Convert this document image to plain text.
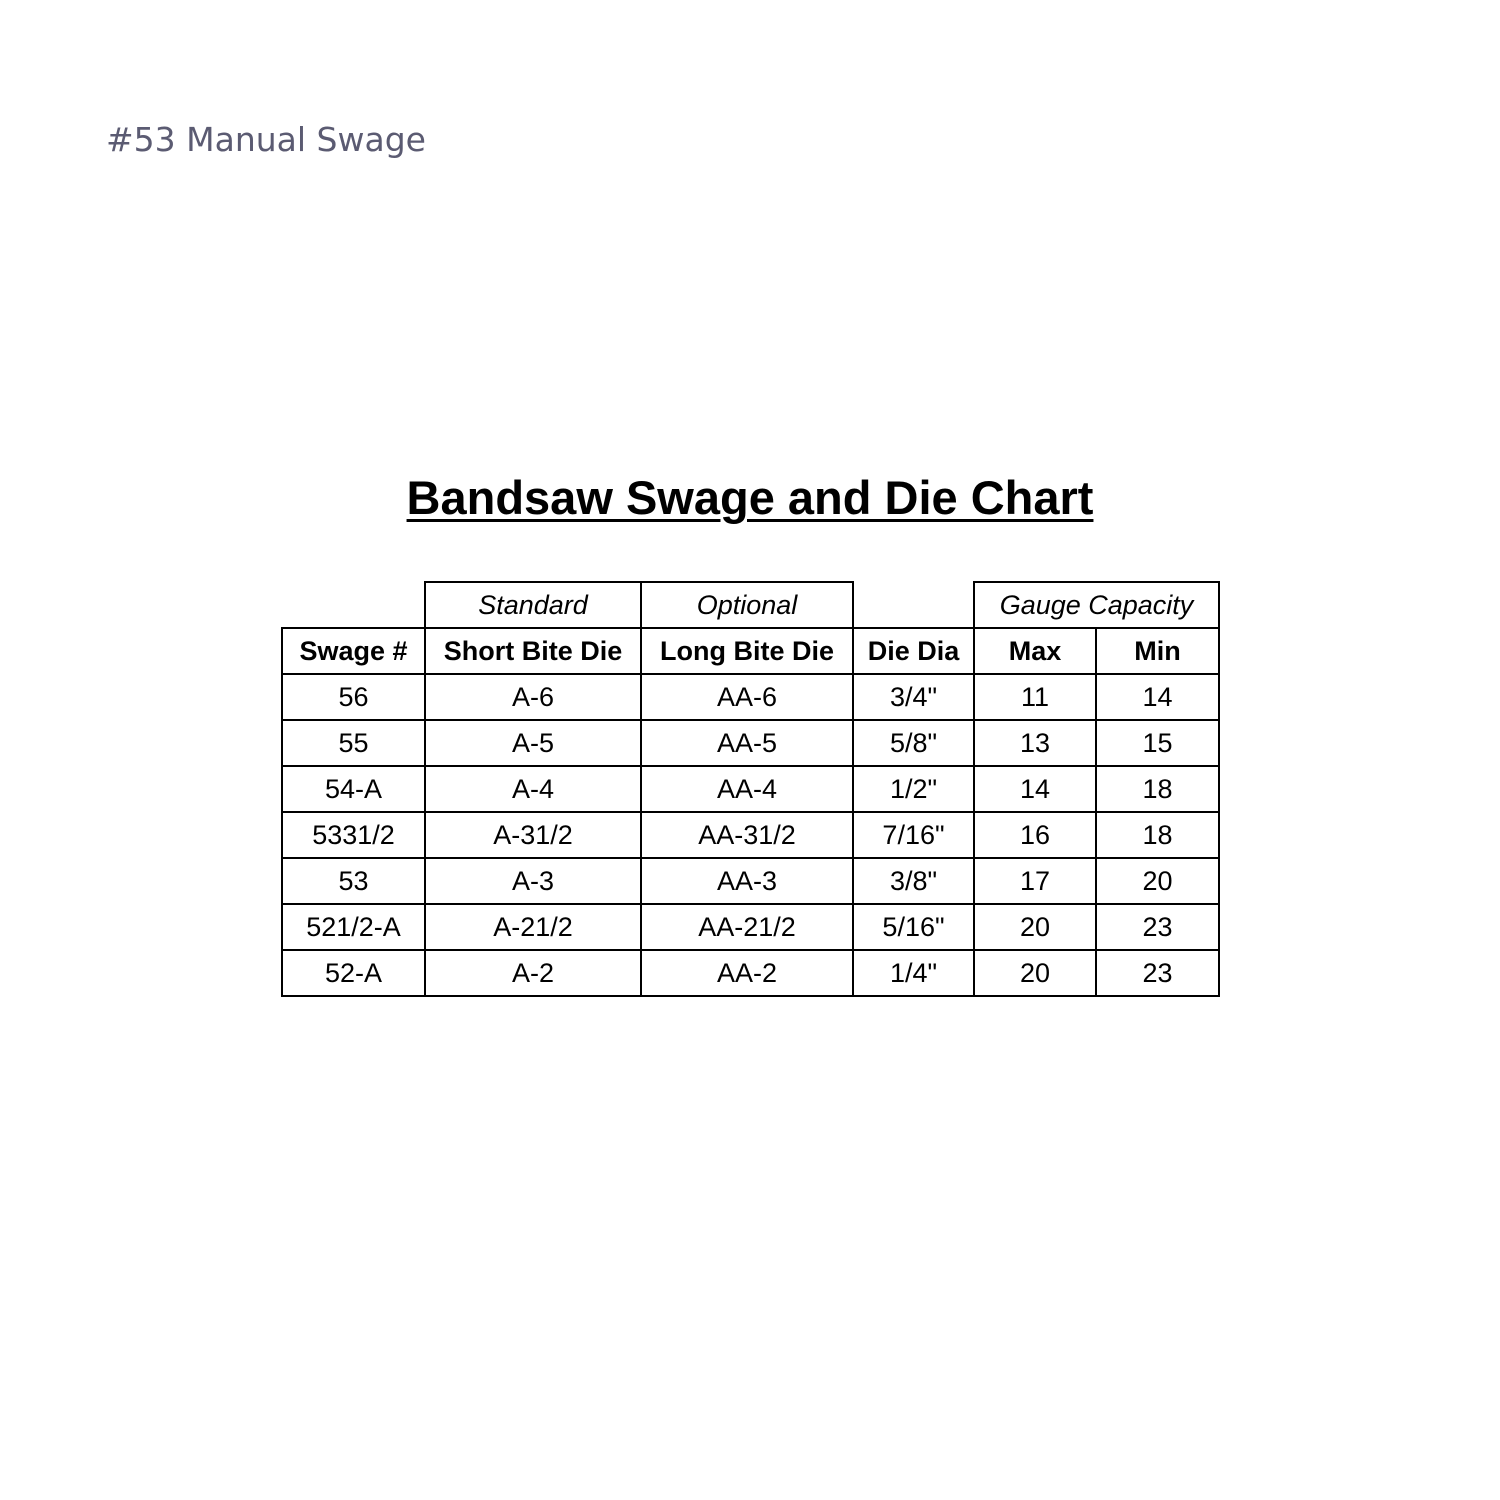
#53 Manual Swage
Bandsaw Swage and Die Chart
	Standard	Optional		Gauge Capacity	
Swage #	Short Bite Die	Long Bite Die	Die Dia	Max	Min
56	A-6	AA-6	3/4"	11	14
55	A-5	AA-5	5/8"	13	15
54-A	A-4	AA-4	1/2"	14	18
5331/2	A-31/2	AA-31/2	7/16"	16	18
53	A-3	AA-3	3/8"	17	20
521/2-A	A-21/2	AA-21/2	5/16"	20	23
52-A	A-2	AA-2	1/4"	20	23
